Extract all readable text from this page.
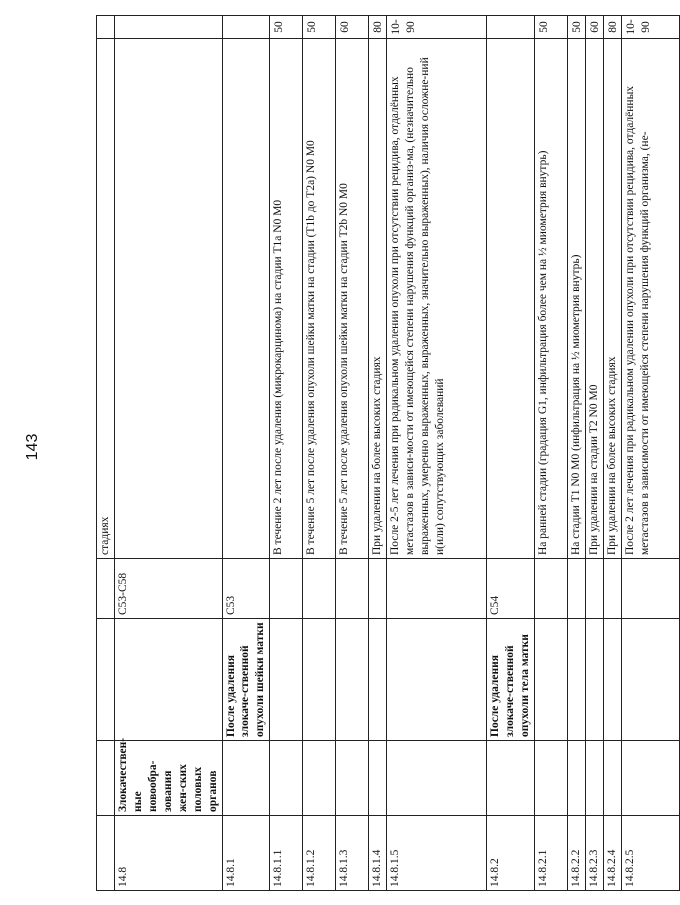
143
				стадиях	
14.8	Злокачествен-ные новообра-зования жен-ских половых органов		C53-C58		
14.8.1		После удаления злокаче-ственной опухоли шейки матки	C53		
14.8.1.1				В течение 2 лет после удаления (микрокарцинома) на стадии T1a N0 M0	50
14.8.1.2				В течение 5 лет после удаления опухоли шейки матки на стадии (T1b до T2a) N0 M0	50
14.8.1.3				В течение 5 лет после удаления опухоли шейки матки на стадии T2b N0 M0	60
14.8.1.4				При удалении на более высоких стадиях	80
14.8.1.5				После 2-5 лет лечения при радикальном удалении опухоли при отсутствии рецидива, отдалённых метастазов в зависи-мости от имеющейся степени нарушения функций организ-ма, (незначительно выраженных, умеренно выраженных, выраженных, значительно выраженных), наличия осложне-ний и(или) сопутствующих заболеваний	10-90
14.8.2		После удаления злокаче-ственной опухоли тела матки	C54		
14.8.2.1				На ранней стадии (градация G1, инфильтрация более чем на ½ миометрия внутрь)	50
14.8.2.2				На стадии T1 N0 M0 (инфильтрация на ½ миометрия внутрь)	50
14.8.2.3				При удалении на стадии T2 N0 M0	60
14.8.2.4				При удалении на более высоких стадиях	80
14.8.2.5				После 2 лет лечения при радикальном удалении опухоли при отсутствии рецидива, отдалённых метастазов в зависимости от имеющейся степени нарушения функций организма, (не-	10-90
